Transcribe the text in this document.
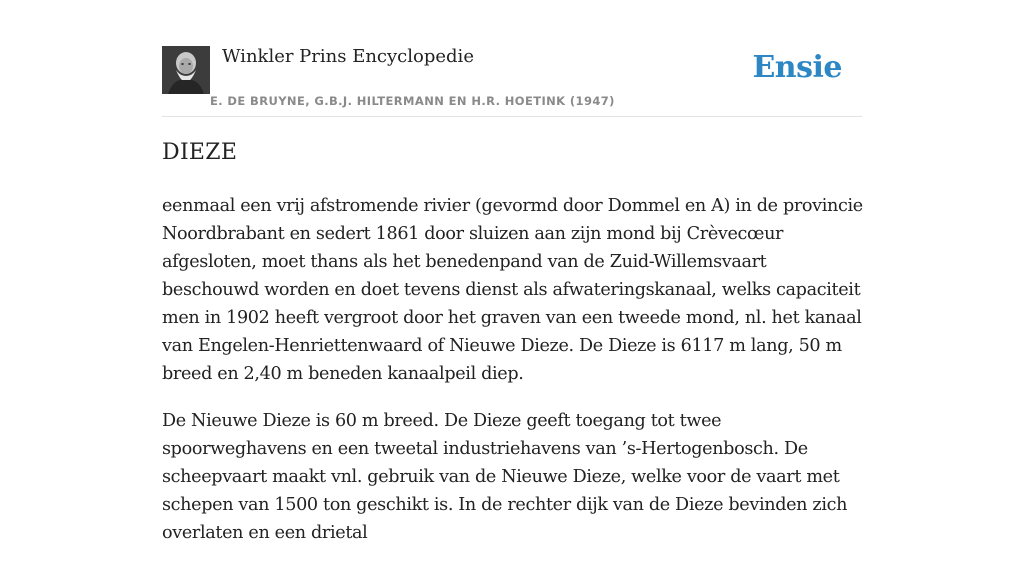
Winkler Prins Encyclopedie
E. DE BRUYNE, G.B.J. HILTERMANN EN H.R. HOETINK (1947)
Ensie
DIEZE

eenmaal een vrij afstromende rivier (gevormd door Dommel en A) in de provincie Noordbrabant en sedert 1861 door sluizen aan zijn mond bij Crèvecœur afgesloten, moet thans als het benedenpand van de Zuid-Willemsvaart beschouwd worden en doet tevens dienst als afwateringskanaal, welks capaciteit men in 1902 heeft vergroot door het graven van een tweede mond, nl. het kanaal van Engelen-Henriettenwaard of Nieuwe Dieze. De Dieze is 6117 m lang, 50 m breed en 2,40 m beneden kanaalpeil diep.

De Nieuwe Dieze is 60 m breed. De Dieze geeft toegang tot twee spoorweghavens en een tweetal industriehavens van ’s-Hertogenbosch. De scheepvaart maakt vnl. gebruik van de Nieuwe Dieze, welke voor de vaart met schepen van 1500 ton geschikt is. In de rechter dijk van de Dieze bevinden zich overlaten en een drietal
